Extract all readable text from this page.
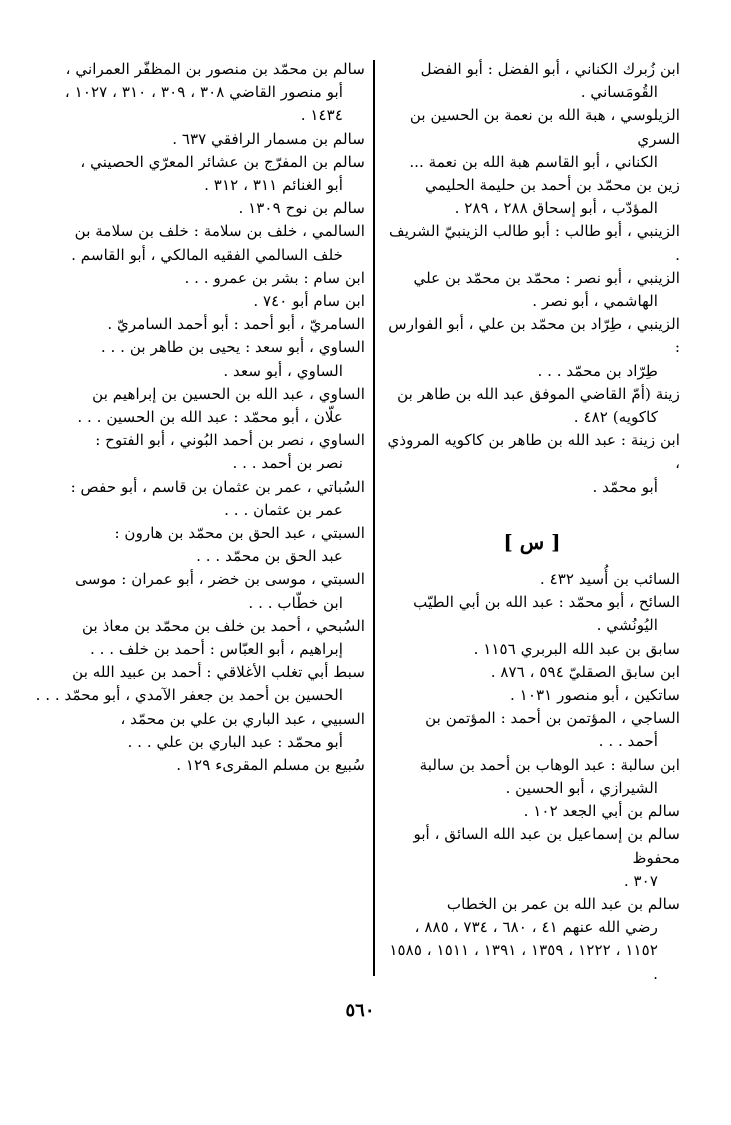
ابن زُبرك الكناني ، أبو الفضل : أبو الفضل
القُومَساني .
الزيلوسي ، هبة الله بن نعمة بن الحسين بن السري
الكناني ، أبو القاسم هبة الله بن نعمة ...
زين بن محمّد بن أحمد بن حليمة الحليمي
المؤدّب ، أبو إسحاق ٢٨٨ ، ٢٨٩ .
الزينبي ، أبو طالب : أبو طالب الزينبيّ الشريف .
الزينبي ، أبو نصر : محمّد بن محمّد بن علي
الهاشمي ، أبو نصر .
الزينبي ، طِرّاد بن محمّد بن علي ، أبو الفوارس :
طِرّاد بن محمّد . . .
زينة (أمّ القاضي الموفق عبد الله بن طاهر بن
كاكويه) ٤٨٢ .
ابن زينة : عبد الله بن طاهر بن كاكويه المروذي ،
أبو محمّد .
[ س ]
السائب بن أُسيد ٤٣٢ .
السائح ، أبو محمّد : عبد الله بن أبي الطيّب
اليُونُشي .
سابق بن عبد الله البربري ١١٥٦ .
ابن سابق الصقليّ ٥٩٤ ، ٨٧٦ .
ساتكين ، أبو منصور ١٠٣١ .
الساجي ، المؤتمن بن أحمد : المؤتمن بن
أحمد . . .
ابن سالبة : عبد الوهاب بن أحمد بن سالبة
الشيرازي ، أبو الحسين .
سالم بن أبي الجعد ١٠٢ .
سالم بن إسماعيل بن عبد الله السائق ، أبو محفوظ
٣٠٧ .
سالم بن عبد الله بن عمر بن الخطاب
رضي الله عنهم ٤١ ، ٦٨٠ ، ٧٣٤ ، ٨٨٥ ، ١١٥٢ ، ١٢٢٢ ، ١٣٥٩ ، ١٣٩١ ، ١٥١١ ، ١٥٨٥ .
سالم بن محمّد بن منصور بن المظفّر العمراني ،
أبو منصور القاضي ٣٠٨ ، ٣٠٩ ، ٣١٠ ، ١٠٢٧ ، ١٤٣٤ .
سالم بن مسمار الرافقي ٦٣٧ .
سالم بن المفرّج بن عشائر المعرّي الحصيني ،
أبو الغنائم ٣١١ ، ٣١٢ .
سالم بن نوح ١٣٠٩ .
السالمي ، خلف بن سلامة : خلف بن سلامة بن
خلف السالمي الفقيه المالكي ، أبو القاسم .
ابن سام : بشر بن عمرو . . .
ابن سام أبو ٧٤٠ .
السامريّ ، أبو أحمد : أبو أحمد السامريّ .
الساوي ، أبو سعد : يحيى بن طاهر بن . . .
الساوي ، أبو سعد .
الساوي ، عبد الله بن الحسين بن إبراهيم بن
علّان ، أبو محمّد : عبد الله بن الحسين . . .
الساوي ، نصر بن أحمد البُوني ، أبو الفتوح :
نصر بن أحمد . . .
السُباتي ، عمر بن عثمان بن قاسم ، أبو حفص :
عمر بن عثمان . . .
السبتي ، عبد الحق بن محمّد بن هارون :
عبد الحق بن محمّد . . .
السبتي ، موسى بن خضر ، أبو عمران : موسى
ابن خطّاب . . .
السُبحي ، أحمد بن خلف بن محمّد بن معاذ بن
إبراهيم ، أبو العبّاس : أحمد بن خلف . . .
سبط أبي تغلب الأغلاقي : أحمد بن عبيد الله بن
الحسين بن أحمد بن جعفر الآمدي ، أبو محمّد . . .
السبيي ، عبد الباري بن علي بن محمّد ،
أبو محمّد : عبد الباري بن علي . . .
سُبيع بن مسلم المقرىء ١٢٩ .
٥٦٠
